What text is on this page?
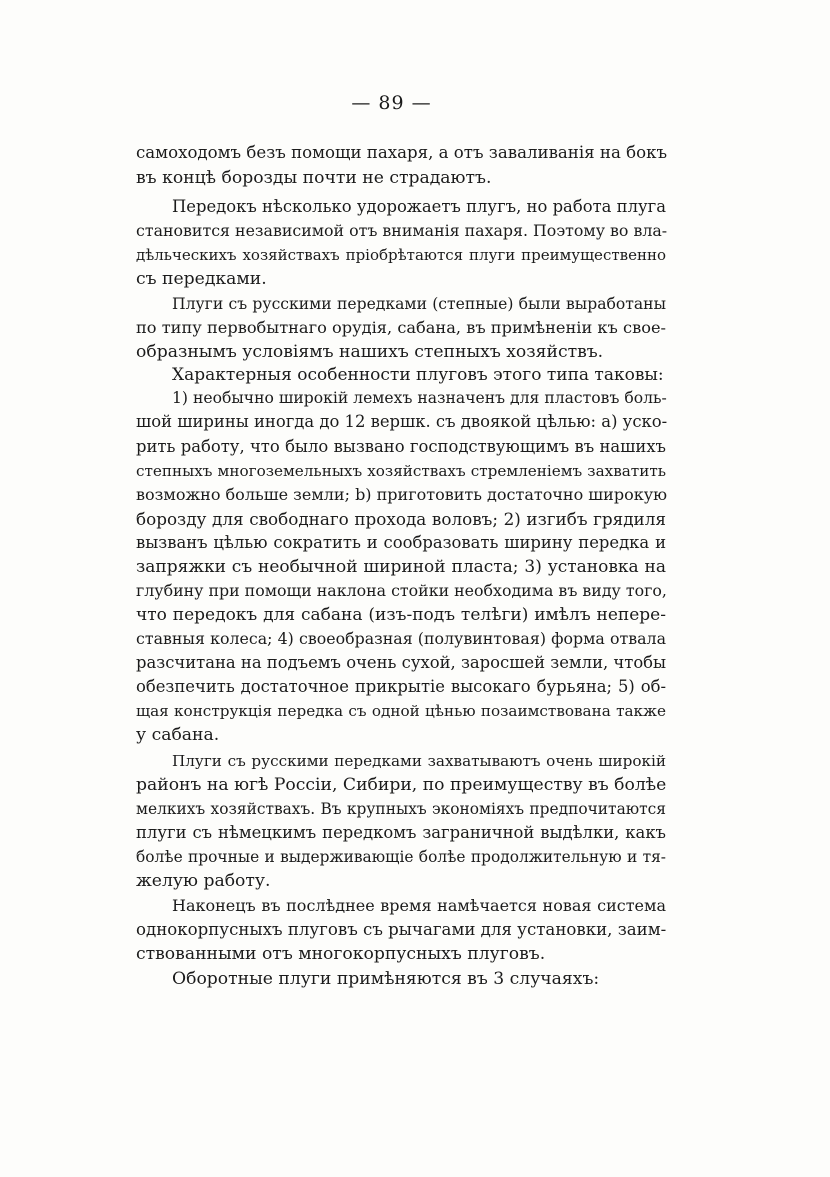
— 89 —
самоходомъ безъ помощи пахаря, а отъ заваливанія на бокъ
въ концѣ борозды почти не страдаютъ.
Передокъ нѣсколько удорожаетъ плугъ, но работа плуга
становится независимой отъ вниманія пахаря. Поэтому во вла-
дѣльческихъ хозяйствахъ пріобрѣтаются плуги преимущественно
съ передками.
Плуги съ русскими передками (степные) были выработаны
по типу первобытнаго орудія, сабана, въ примѣненіи къ свое-
образнымъ условіямъ нашихъ степныхъ хозяйствъ.
Характерныя особенности плуговъ этого типа таковы:
1) необычно широкій лемехъ назначенъ для пластовъ боль-
шой ширины иногда до 12 вершк. съ двоякой цѣлью: а) уско-
рить работу, что было вызвано господствующимъ въ нашихъ
степныхъ многоземельныхъ хозяйствахъ стремленіемъ захватить
возможно больше земли; b) приготовить достаточно широкую
борозду для свободнаго прохода воловъ; 2) изгибъ грядиля
вызванъ цѣлью сократить и сообразовать ширину передка и
запряжки съ необычной шириной пласта; 3) установка на
глубину при помощи наклона стойки необходима въ виду того,
что передокъ для сабана (изъ-подъ телѣги) имѣлъ непере-
ставныя колеса; 4) своеобразная (полувинтовая) форма отвала
разсчитана на подъемъ очень сухой, заросшей земли, чтобы
обезпечить достаточное прикрытіе высокаго бурьяна; 5) об-
щая конструкція передка съ одной цѣнью позаимствована также
у сабана.
Плуги съ русскими передками захватываютъ очень широкій
районъ на югѣ Россіи, Сибири, по преимуществу въ болѣе
мелкихъ хозяйствахъ. Въ крупныхъ экономіяхъ предпочитаются
плуги съ нѣмецкимъ передкомъ заграничной выдѣлки, какъ
болѣе прочные и выдерживающіе болѣе продолжительную и тя-
желую работу.
Наконецъ въ послѣднее время намѣчается новая система
однокорпусныхъ плуговъ съ рычагами для установки, заим-
ствованными отъ многокорпусныхъ плуговъ.
Оборотные плуги примѣняются въ 3 случаяхъ:
